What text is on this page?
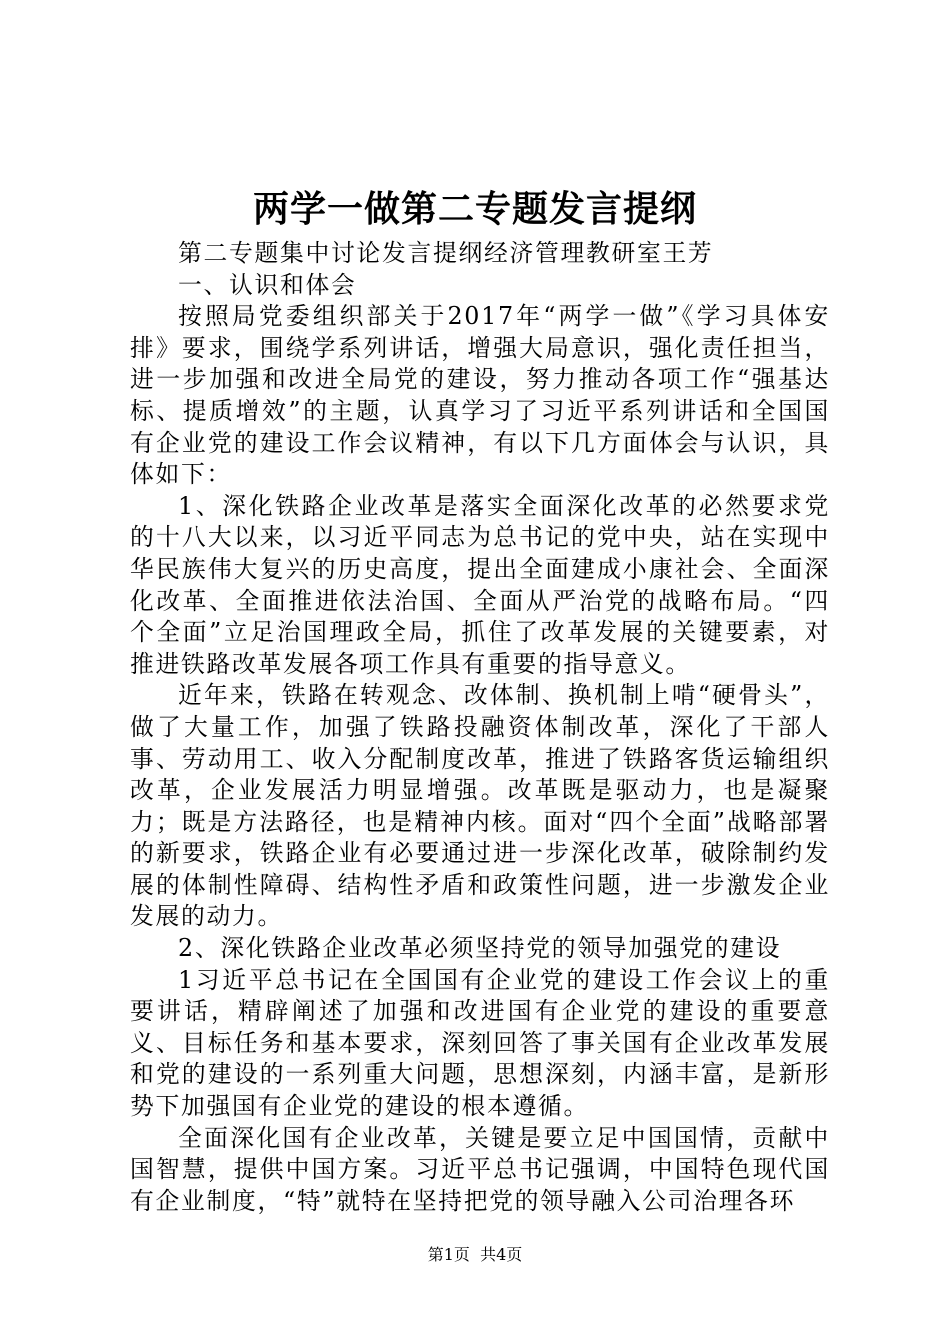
两学一做第二专题发言提纲

第二专题集中讨论发言提纲经济管理教研室王芳

一、认识和体会

按照局党委组织部关于2017年“两学一做”《学习具体安排》要求，围绕学系列讲话，增强大局意识，强化责任担当，进一步加强和改进全局党的建设，努力推动各项工作“强基达标、提质增效”的主题，认真学习了习近平系列讲话和全国国有企业党的建设工作会议精神，有以下几方面体会与认识，具体如下：

1、深化铁路企业改革是落实全面深化改革的必然要求党的十八大以来，以习近平同志为总书记的党中央，站在实现中华民族伟大复兴的历史高度，提出全面建成小康社会、全面深化改革、全面推进依法治国、全面从严治党的战略布局。“四个全面”立足治国理政全局，抓住了改革发展的关键要素，对推进铁路改革发展各项工作具有重要的指导意义。

近年来，铁路在转观念、改体制、换机制上啃“硬骨头”，做了大量工作，加强了铁路投融资体制改革，深化了干部人事、劳动用工、收入分配制度改革，推进了铁路客货运输组织改革，企业发展活力明显增强。改革既是驱动力，也是凝聚力；既是方法路径，也是精神内核。面对“四个全面”战略部署的新要求，铁路企业有必要通过进一步深化改革，破除制约发展的体制性障碍、结构性矛盾和政策性问题，进一步激发企业发展的动力。

2、深化铁路企业改革必须坚持党的领导加强党的建设

1习近平总书记在全国国有企业党的建设工作会议上的重要讲话，精辟阐述了加强和改进国有企业党的建设的重要意义、目标任务和基本要求，深刻回答了事关国有企业改革发展和党的建设的一系列重大问题，思想深刻，内涵丰富，是新形势下加强国有企业党的建设的根本遵循。

全面深化国有企业改革，关键是要立足中国国情，贡献中国智慧，提供中国方案。习近平总书记强调，中国特色现代国有企业制度，“特”就特在坚持把党的领导融入公司治理各环

第1页  共4页
